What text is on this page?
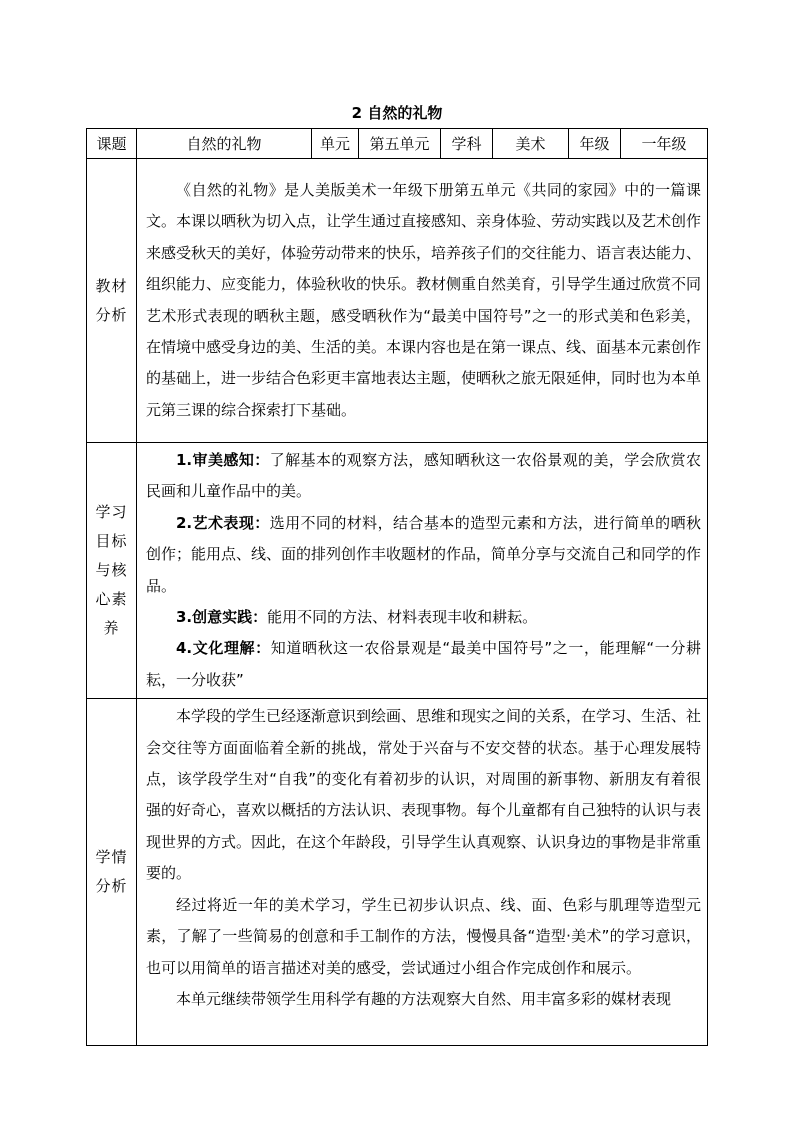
2 自然的礼物
课题	自然的礼物	单元	第五单元	学科	美术	年级	一年级
教材分析	《自然的礼物》是人美版美术一年级下册第五单元《共同的家园》中的一篇课文。本课以晒秋为切入点，让学生通过直接感知、亲身体验、劳动实践以及艺术创作来感受秋天的美好，体验劳动带来的快乐，培养孩子们的交往能力、语言表达能力、组织能力、应变能力，体验秋收的快乐。教材侧重自然美育，引导学生通过欣赏不同艺术形式表现的晒秋主题，感受晒秋作为“最美中国符号”之一的形式美和色彩美，在情境中感受身边的美、生活的美。本课内容也是在第一课点、线、面基本元素创作的基础上，进一步结合色彩更丰富地表达主题，使晒秋之旅无限延伸，同时也为本单元第三课的综合探索打下基础。						

学习目标与核心素养	1.审美感知：了解基本的观察方法，感知晒秋这一农俗景观的美，学会欣赏农民画和儿童作品中的美。

2.艺术表现：选用不同的材料，结合基本的造型元素和方法，进行简单的晒秋创作；能用点、线、面的排列创作丰收题材的作品，简单分享与交流自己和同学的作品。

3.创意实践：能用不同的方法、材料表现丰收和耕耘。

4.文化理解：知道晒秋这一农俗景观是“最美中国符号”之一，能理解“一分耕耘，一分收获”						

学情分析	本学段的学生已经逐渐意识到绘画、思维和现实之间的关系，在学习、生活、社会交往等方面面临着全新的挑战，常处于兴奋与不安交替的状态。基于心理发展特点，该学段学生对“自我”的变化有着初步的认识，对周围的新事物、新朋友有着很强的好奇心，喜欢以概括的方法认识、表现事物。每个儿童都有自己独特的认识与表现世界的方式。因此，在这个年龄段，引导学生认真观察、认识身边的事物是非常重要的。

经过将近一年的美术学习，学生已初步认识点、线、面、色彩与肌理等造型元素，了解了一些简易的创意和手工制作的方法，慢慢具备“造型·美术”的学习意识，也可以用简单的语言描述对美的感受，尝试通过小组合作完成创作和展示。

本单元继续带领学生用科学有趣的方法观察大自然、用丰富多彩的媒材表现						
